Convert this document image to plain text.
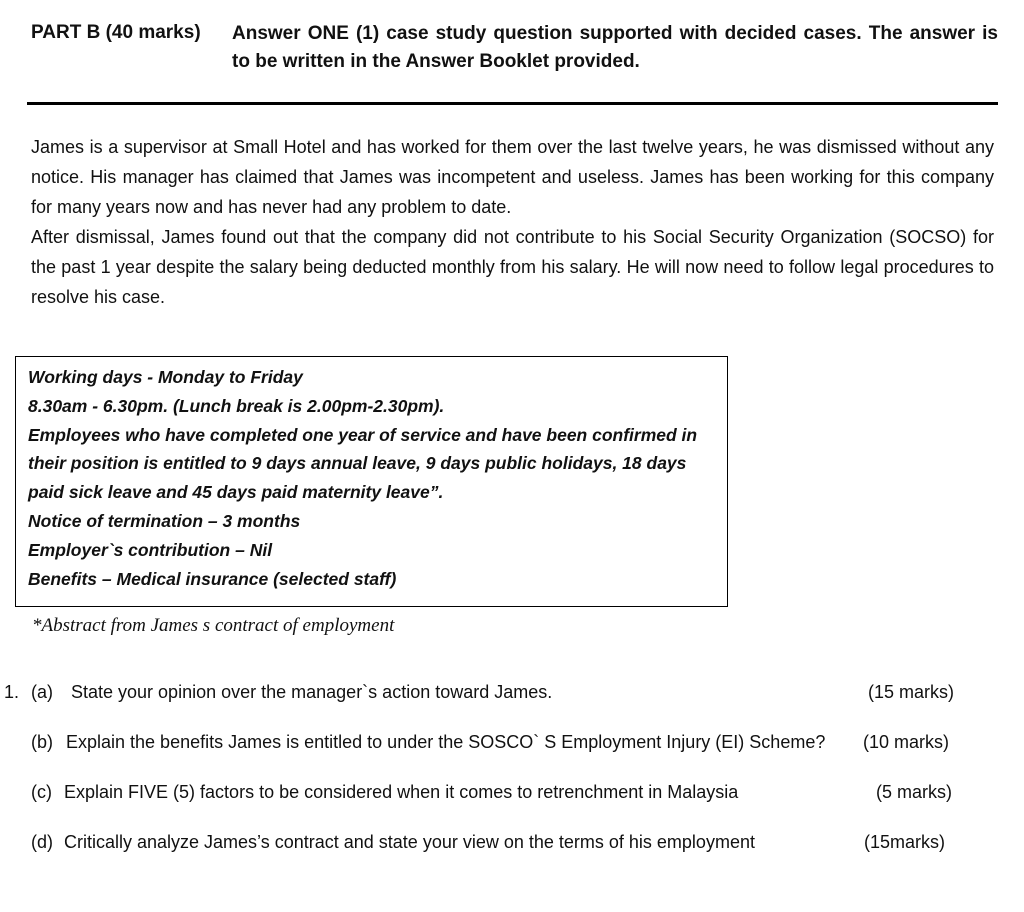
PART B (40 marks) Answer ONE (1) case study question supported with decided cases. The answer is to be written in the Answer Booklet provided.

James is a supervisor at Small Hotel and has worked for them over the last twelve years, he was dismissed without any notice. His manager has claimed that James was incompetent and useless. James has been working for this company for many years now and has never had any problem to date.

After dismissal, James found out that the company did not contribute to his Social Security Organization (SOCSO) for the past 1 year despite the salary being deducted monthly from his salary. He will now need to follow legal procedures to resolve his case.

Working days - Monday to Friday
8.30am - 6.30pm. (Lunch break is 2.00pm-2.30pm).
Employees who have completed one year of service and have been confirmed in
their position is entitled to 9 days annual leave, 9 days public holidays, 18 days
paid sick leave and 45 days paid maternity leave”.
Notice of termination – 3 months
Employer`s contribution – Nil
Benefits – Medical insurance (selected staff)
*Abstract from James s contract of employment
1. (a) State your opinion over the manager`s action toward James.	(15 marks)
(b) Explain the benefits James is entitled to under the SOSCO` S Employment Injury (EI) Scheme? (10 marks)
(c) Explain FIVE (5) factors to be considered when it comes to retrenchment in Malaysia	(5 marks)
(d) Critically analyze James’s contract and state your view on the terms of his employment	(15marks)
